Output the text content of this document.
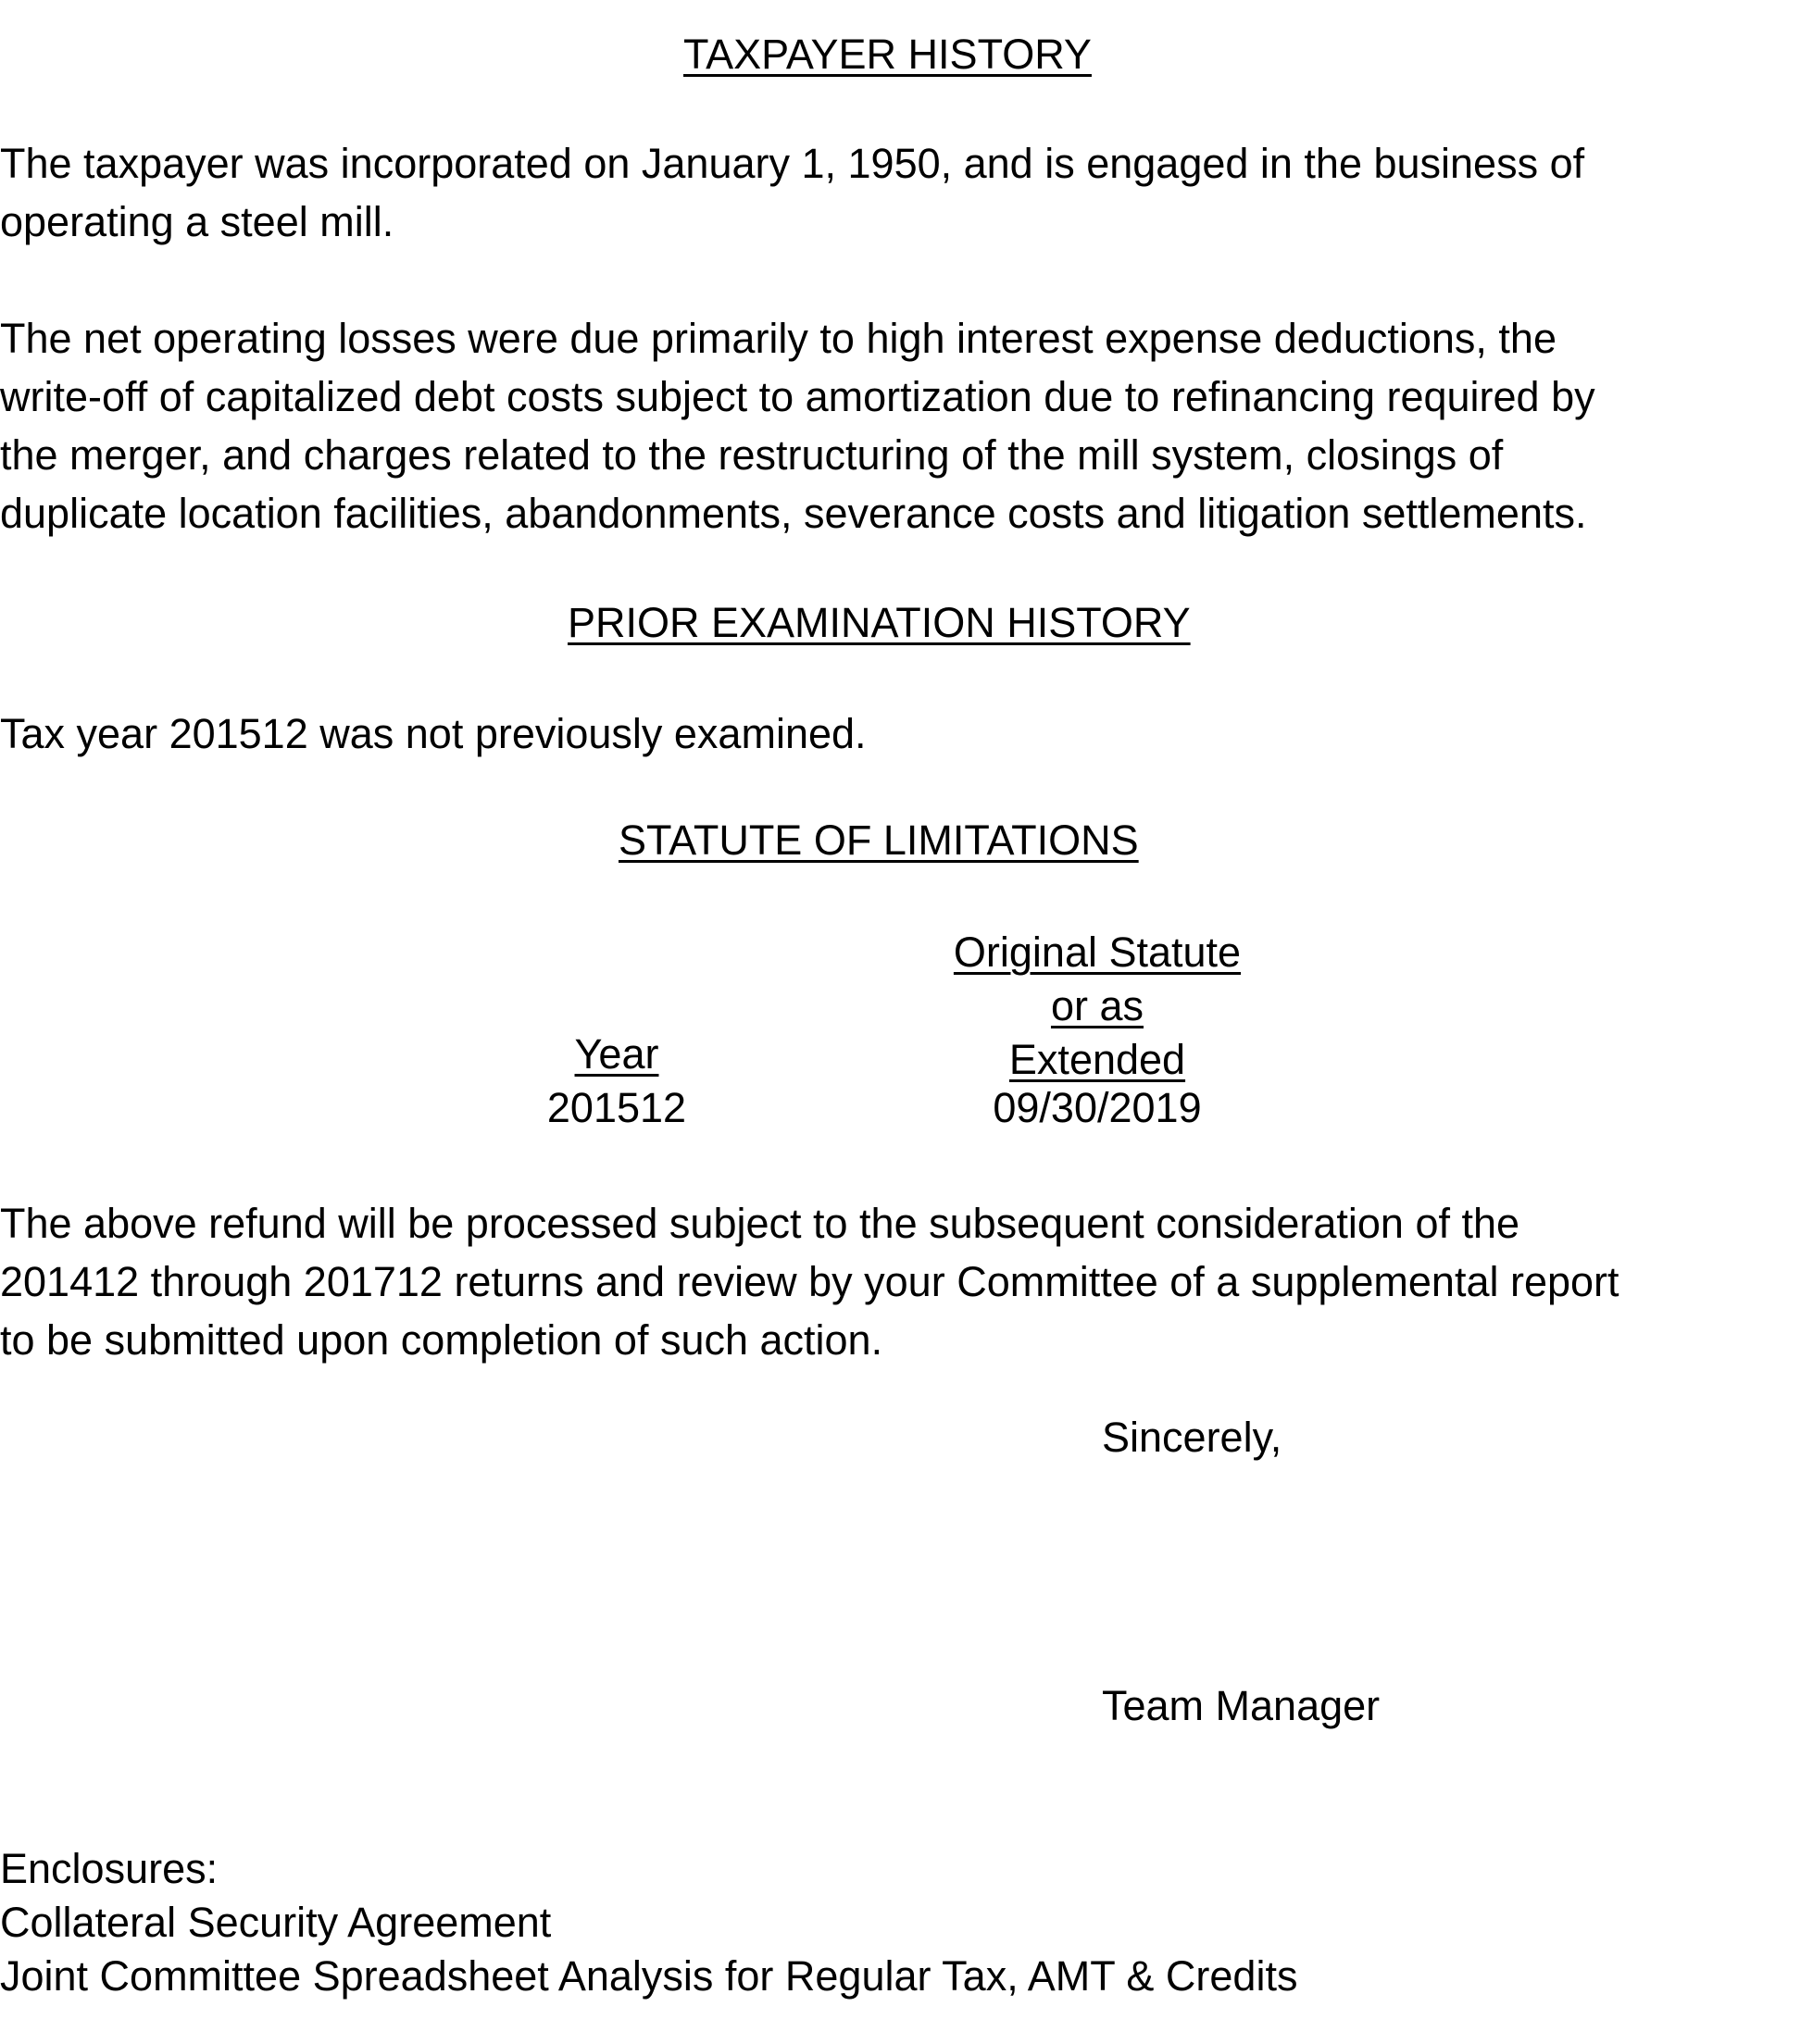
TAXPAYER HISTORY
The taxpayer was incorporated on January 1, 1950, and is engaged in the business of
operating a steel mill.
The net operating losses were due primarily to high interest expense deductions, the
write-off of capitalized debt costs subject to amortization due to refinancing required by
the merger, and charges related to the restructuring of the mill system, closings of
duplicate location facilities, abandonments, severance costs and litigation settlements.
PRIOR EXAMINATION HISTORY
Tax year 201512 was not previously examined.
STATUTE OF LIMITATIONS
Original Statute
or as
Extended
Year
201512	09/30/2019
The above refund will be processed subject to the subsequent consideration of the
201412 through 201712 returns and review by your Committee of a supplemental report
to be submitted upon completion of such action.
Sincerely,
Team Manager
Enclosures:
Collateral Security Agreement
Joint Committee Spreadsheet Analysis for Regular Tax, AMT & Credits
